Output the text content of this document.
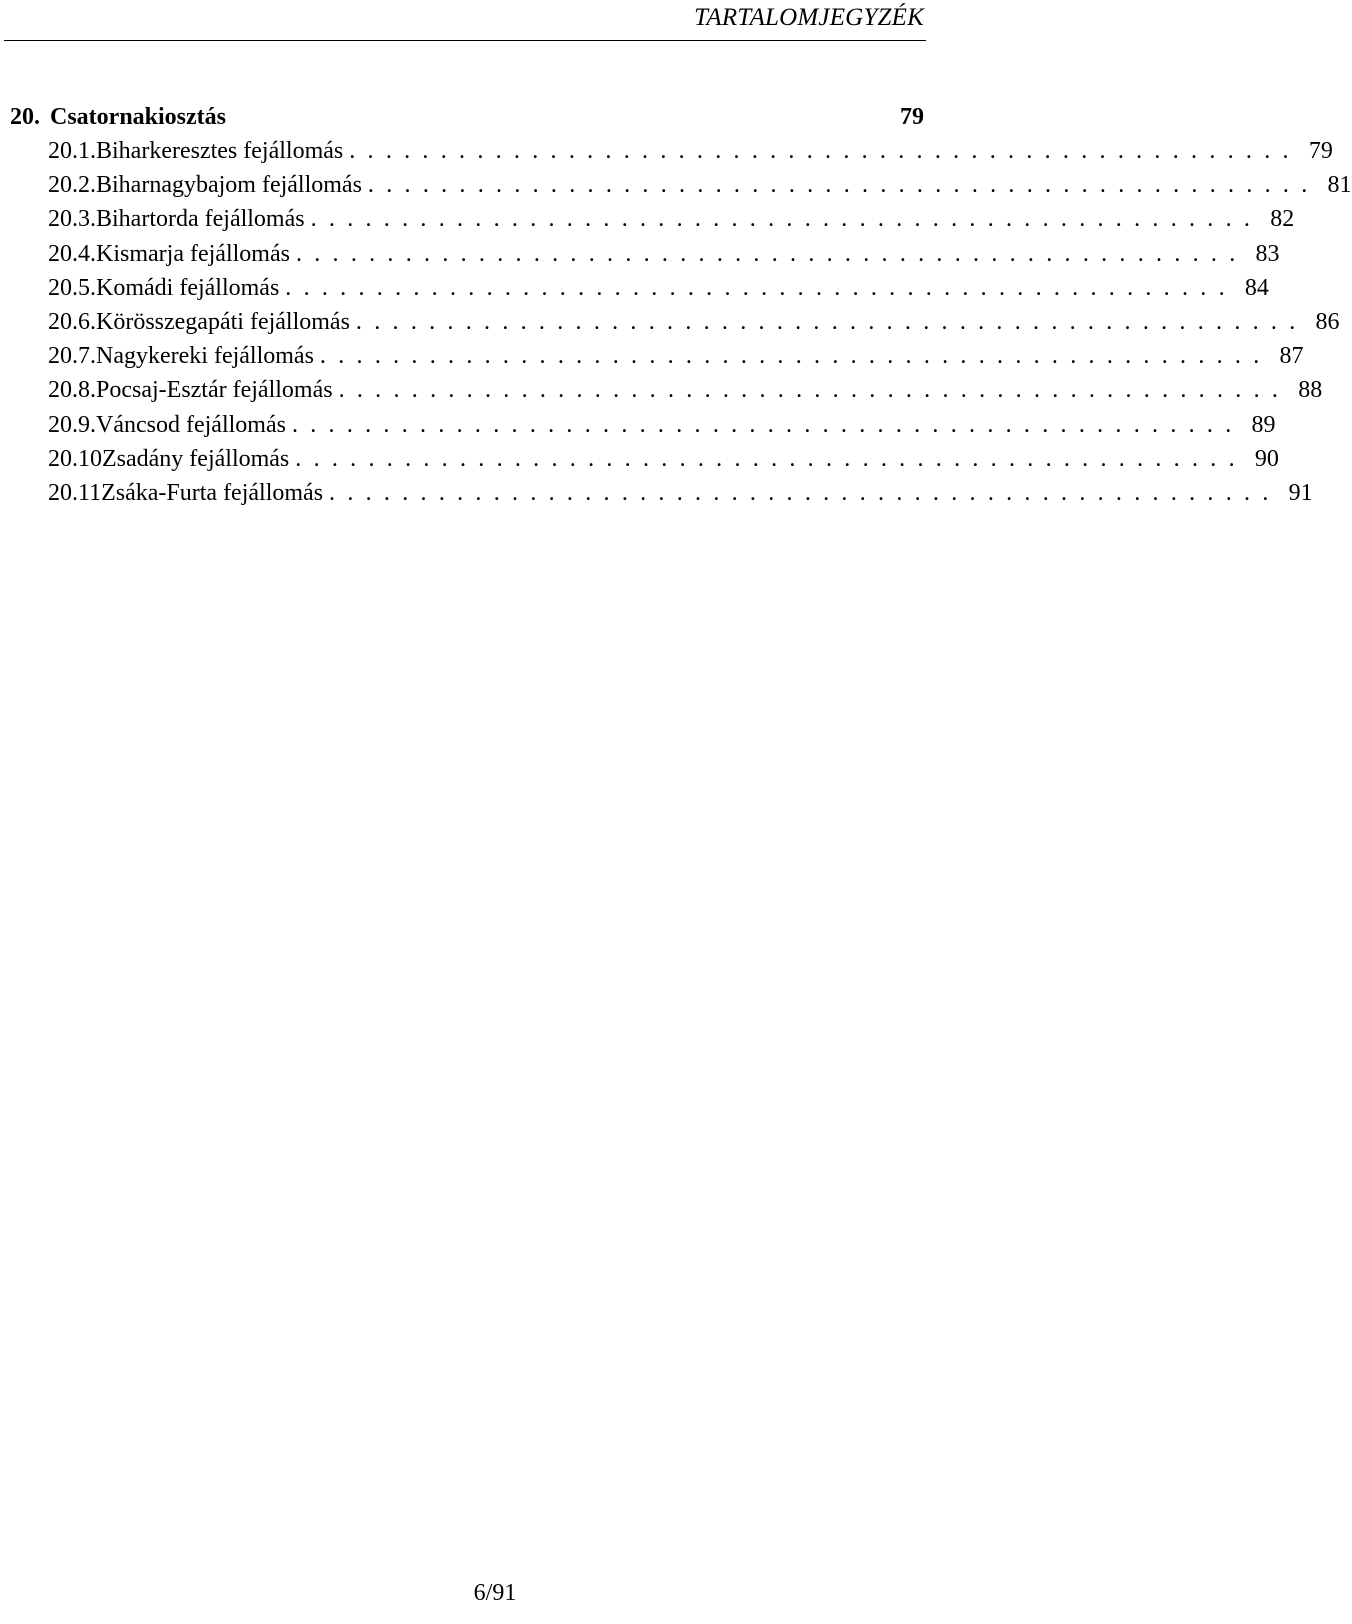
TARTALOMJEGYZÉK
20. Csatornakiosztás	79
20.1. Biharkeresztes fejállomás .................................................... 79
20.2. Biharnagybajom fejállomás .................................................... 81
20.3. Bihartorda fejállomás .................................................... 82
20.4. Kismarja fejállomás .................................................... 83
20.5. Komádi fejállomás .................................................... 84
20.6. Körösszegapáti fejállomás .................................................... 86
20.7. Nagykereki fejállomás .................................................... 87
20.8. Pocsaj-Esztár fejállomás .................................................... 88
20.9. Váncsod fejállomás .................................................... 89
20.10 Zsadány fejállomás .................................................... 90
20.11 Zsáka-Furta fejállomás .................................................... 91
6/91
